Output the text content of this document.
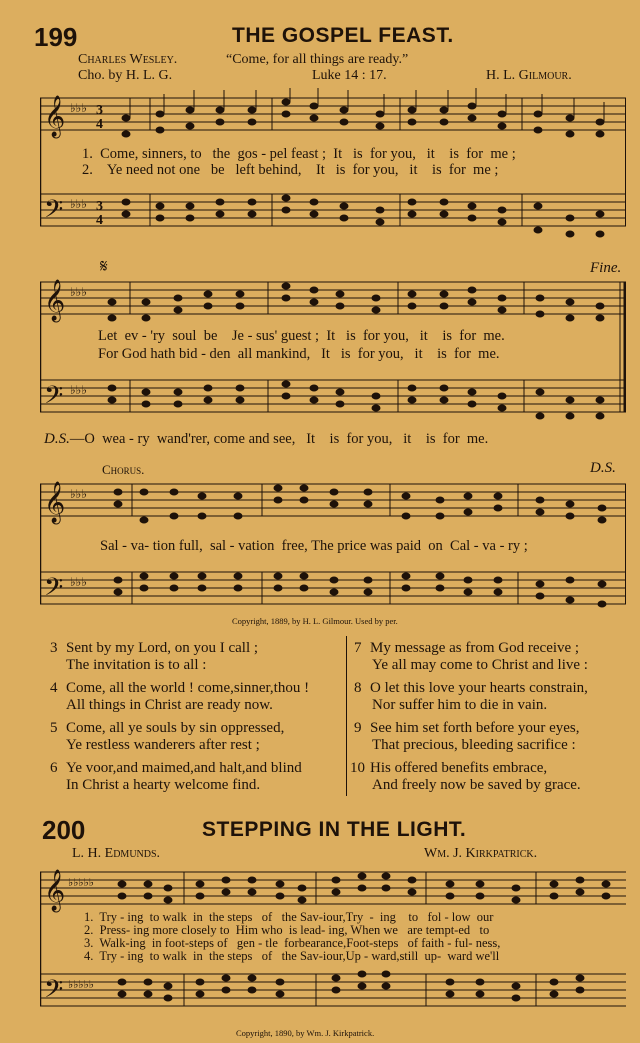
199	THE GOSPEL FEAST.
Charles Wesley.	“Come, for all things are ready.”
Cho. by H. L. G.	Luke 14 : 17.	H. L. Gilmour.
𝄞
𝄢
♭♭♭
♭♭♭
3
4
3
4
1.  Come, sinners, to   the  gos - pel feast ;  It   is  for you,   it    is  for  me ;
2.    Ye need not one   be   left behind,    It   is  for you,   it    is  for  me ;
𝄋	Fine.
𝄞
𝄢
♭♭♭
♭♭♭
Let  ev - 'ry  soul  be    Je - sus' guest ;  It   is  for you,   it    is  for  me.
For God hath bid - den  all mankind,   It   is  for you,   it    is  for  me.
D.S.—O  wea - ry  wand'rer, come and see,   It    is  for you,   it    is  for  me.
Chorus.	D.S.
𝄞
𝄢
♭♭♭
♭♭♭
Sal - va- tion full,  sal - vation  free, The price was paid  on  Cal - va - ry ;
Copyright, 1889, by H. L. Gilmour. Used by per.
3 Sent by my Lord, on you I call ;
The invitation is to all :
4 Come, all the world ! come,sinner,thou !
All things in Christ are ready now.
5 Come, all ye souls by sin oppressed,
Ye restless wanderers after rest ;
6 Ye voor,and maimed,and halt,and blind
In Christ a hearty welcome find.
7 My message as from God receive ;
Ye all may come to Christ and live :
8 O let this love your hearts constrain,
Nor suffer him to die in vain.
9 See him set forth before your eyes,
That precious, bleeding sacrifice :
10 His offered benefits embrace,
And freely now be saved by grace.
200	STEPPING IN THE LIGHT.
L. H. Edmunds.	Wm. J. Kirkpatrick.
𝄞
𝄢
♭♭♭♭♭
♭♭♭♭♭
1.  Try - ing  to walk  in  the steps   of   the Sav-iour,Try  -  ing    to   fol - low  our
2.  Press- ing more closely to  Him who  is lead- ing, When we   are tempt-ed   to
3.  Walk-ing  in foot-steps of   gen - tle  forbearance,Foot-steps   of faith - ful- ness,
4.  Try - ing  to walk  in  the steps   of   the Sav-iour,Up - ward,still  up-  ward we'll
Copyright, 1890, by Wm. J. Kirkpatrick.
